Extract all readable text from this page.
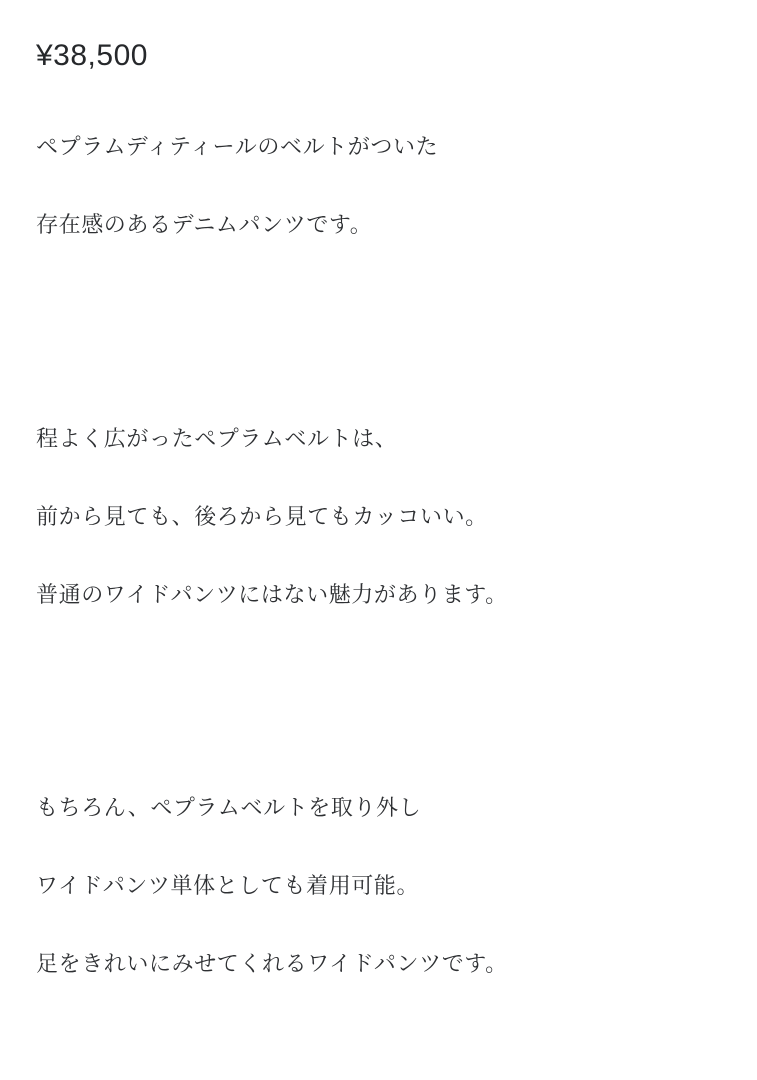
¥38,500

ペプラムディティールのベルトがついた

存在感のあるデニムパンツです。

程よく広がったペプラムベルトは、

前から見ても、後ろから見てもカッコいい。

普通のワイドパンツにはない魅力があります。

もちろん、ペプラムベルトを取り外し

ワイドパンツ単体としても着用可能。

足をきれいにみせてくれるワイドパンツです。
